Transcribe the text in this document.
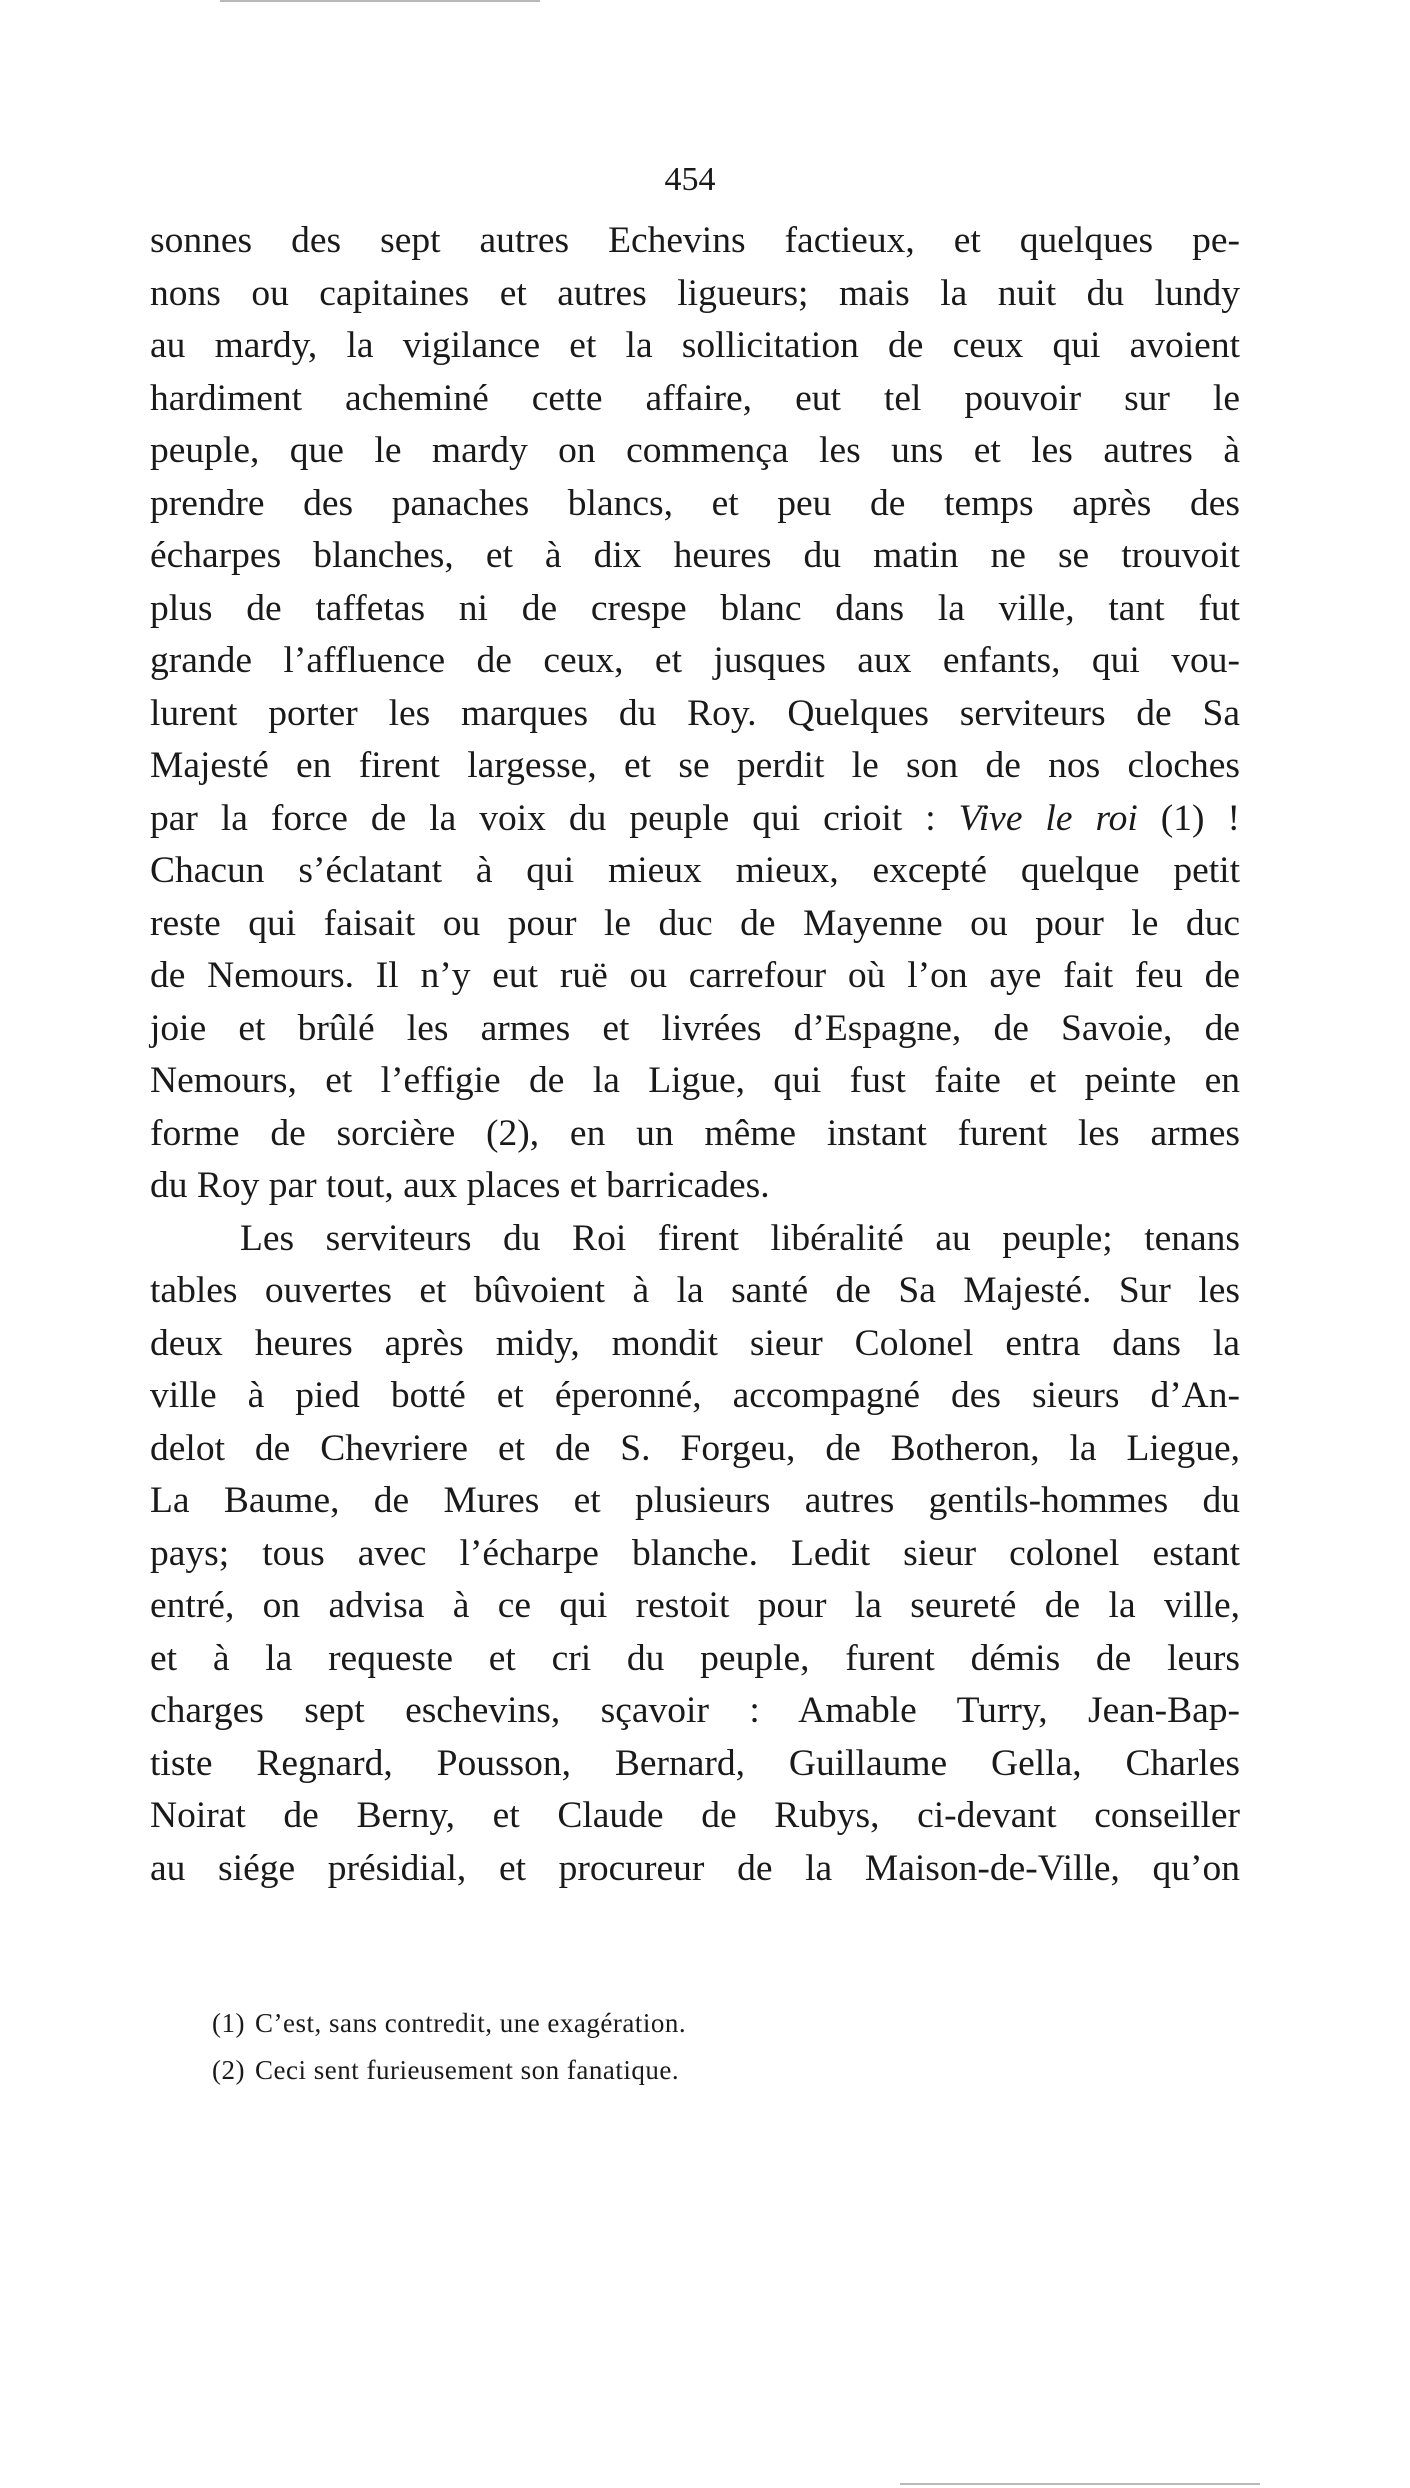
454
sonnes des sept autres Echevins factieux, et quelques pe-
nons ou capitaines et autres ligueurs; mais la nuit du lundy
au mardy, la vigilance et la sollicitation de ceux qui avoient
hardiment acheminé cette affaire, eut tel pouvoir sur le
peuple, que le mardy on commença les uns et les autres à
prendre des panaches blancs, et peu de temps après des
écharpes blanches, et à dix heures du matin ne se trouvoit
plus de taffetas ni de crespe blanc dans la ville, tant fut
grande l’affluence de ceux, et jusques aux enfants, qui vou-
lurent porter les marques du Roy. Quelques serviteurs de Sa
Majesté en firent largesse, et se perdit le son de nos cloches
par la force de la voix du peuple qui crioit : Vive le roi (1) !
Chacun s’éclatant à qui mieux mieux, excepté quelque petit
reste qui faisait ou pour le duc de Mayenne ou pour le duc
de Nemours. Il n’y eut ruë ou carrefour où l’on aye fait feu de
joie et brûlé les armes et livrées d’Espagne, de Savoie, de
Nemours, et l’effigie de la Ligue, qui fust faite et peinte en
forme de sorcière (2), en un même instant furent les armes
du Roy par tout, aux places et barricades.
Les serviteurs du Roi firent libéralité au peuple; tenans
tables ouvertes et bûvoient à la santé de Sa Majesté. Sur les
deux heures après midy, mondit sieur Colonel entra dans la
ville à pied botté et éperonné, accompagné des sieurs d’An-
delot de Chevriere et de S. Forgeu, de Botheron, la Liegue,
La Baume, de Mures et plusieurs autres gentils-hommes du
pays; tous avec l’écharpe blanche. Ledit sieur colonel estant
entré, on advisa à ce qui restoit pour la seureté de la ville,
et à la requeste et cri du peuple, furent démis de leurs
charges sept eschevins, sçavoir : Amable Turry, Jean-Bap-
tiste Regnard, Pousson, Bernard, Guillaume Gella, Charles
Noirat de Berny, et Claude de Rubys, ci-devant conseiller
au siége présidial, et procureur de la Maison-de-Ville, qu’on
(1) C’est, sans contredit, une exagération.
(2) Ceci sent furieusement son fanatique.
